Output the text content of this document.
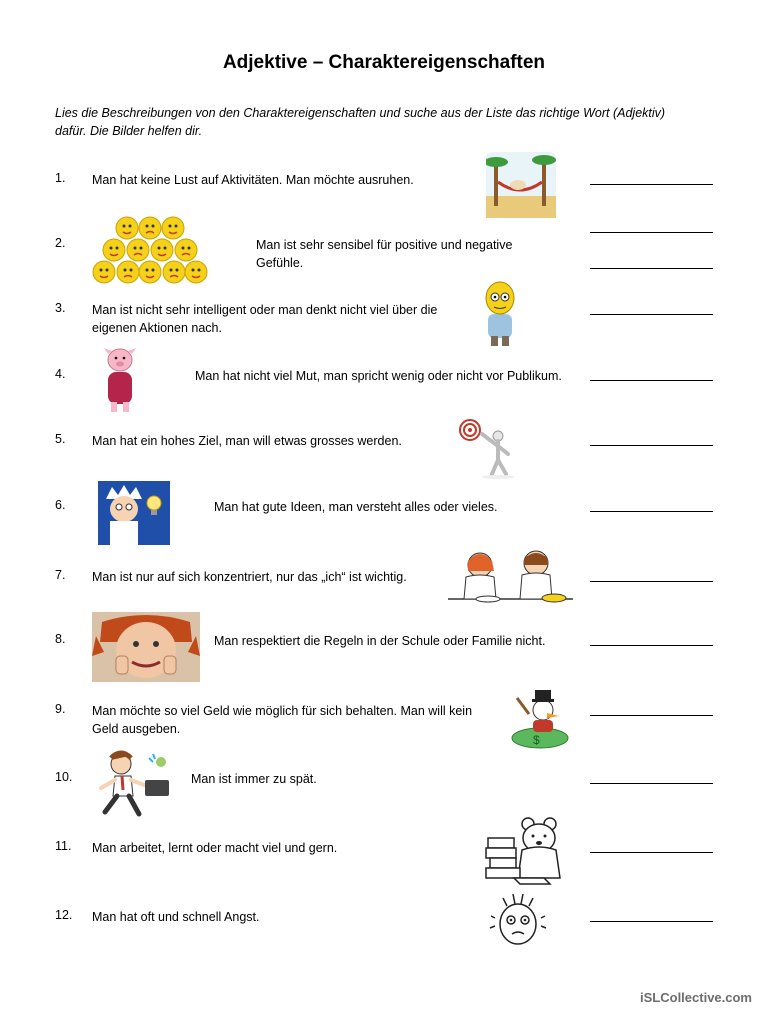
Adjektive – Charaktereigenschaften
Lies die Beschreibungen von den Charaktereigenschaften und suche aus der Liste das richtige Wort (Adjektiv) dafür. Die Bilder helfen dir.
1. Man hat keine Lust auf Aktivitäten. Man möchte ausruhen.
2.	Man ist sehr sensibel für positive und negative Gefühle.
3. Man ist nicht sehr intelligent oder man denkt nicht viel über die eigenen Aktionen nach.
4.	Man hat nicht viel Mut, man spricht wenig oder nicht vor Publikum.
5. Man hat ein hohes Ziel, man will etwas grosses werden.
6.	Man hat gute Ideen, man versteht alles oder vieles.
7. Man ist nur auf sich konzentriert, nur das „ich“ ist wichtig.
8.	Man respektiert die Regeln in der Schule oder Familie nicht.
9. Man möchte so viel Geld wie möglich für sich behalten. Man will kein Geld ausgeben.
$
10.	Man ist immer zu spät.
11. Man arbeitet, lernt oder macht viel und gern.
12. Man hat oft und schnell Angst.
iSLCollective.com
